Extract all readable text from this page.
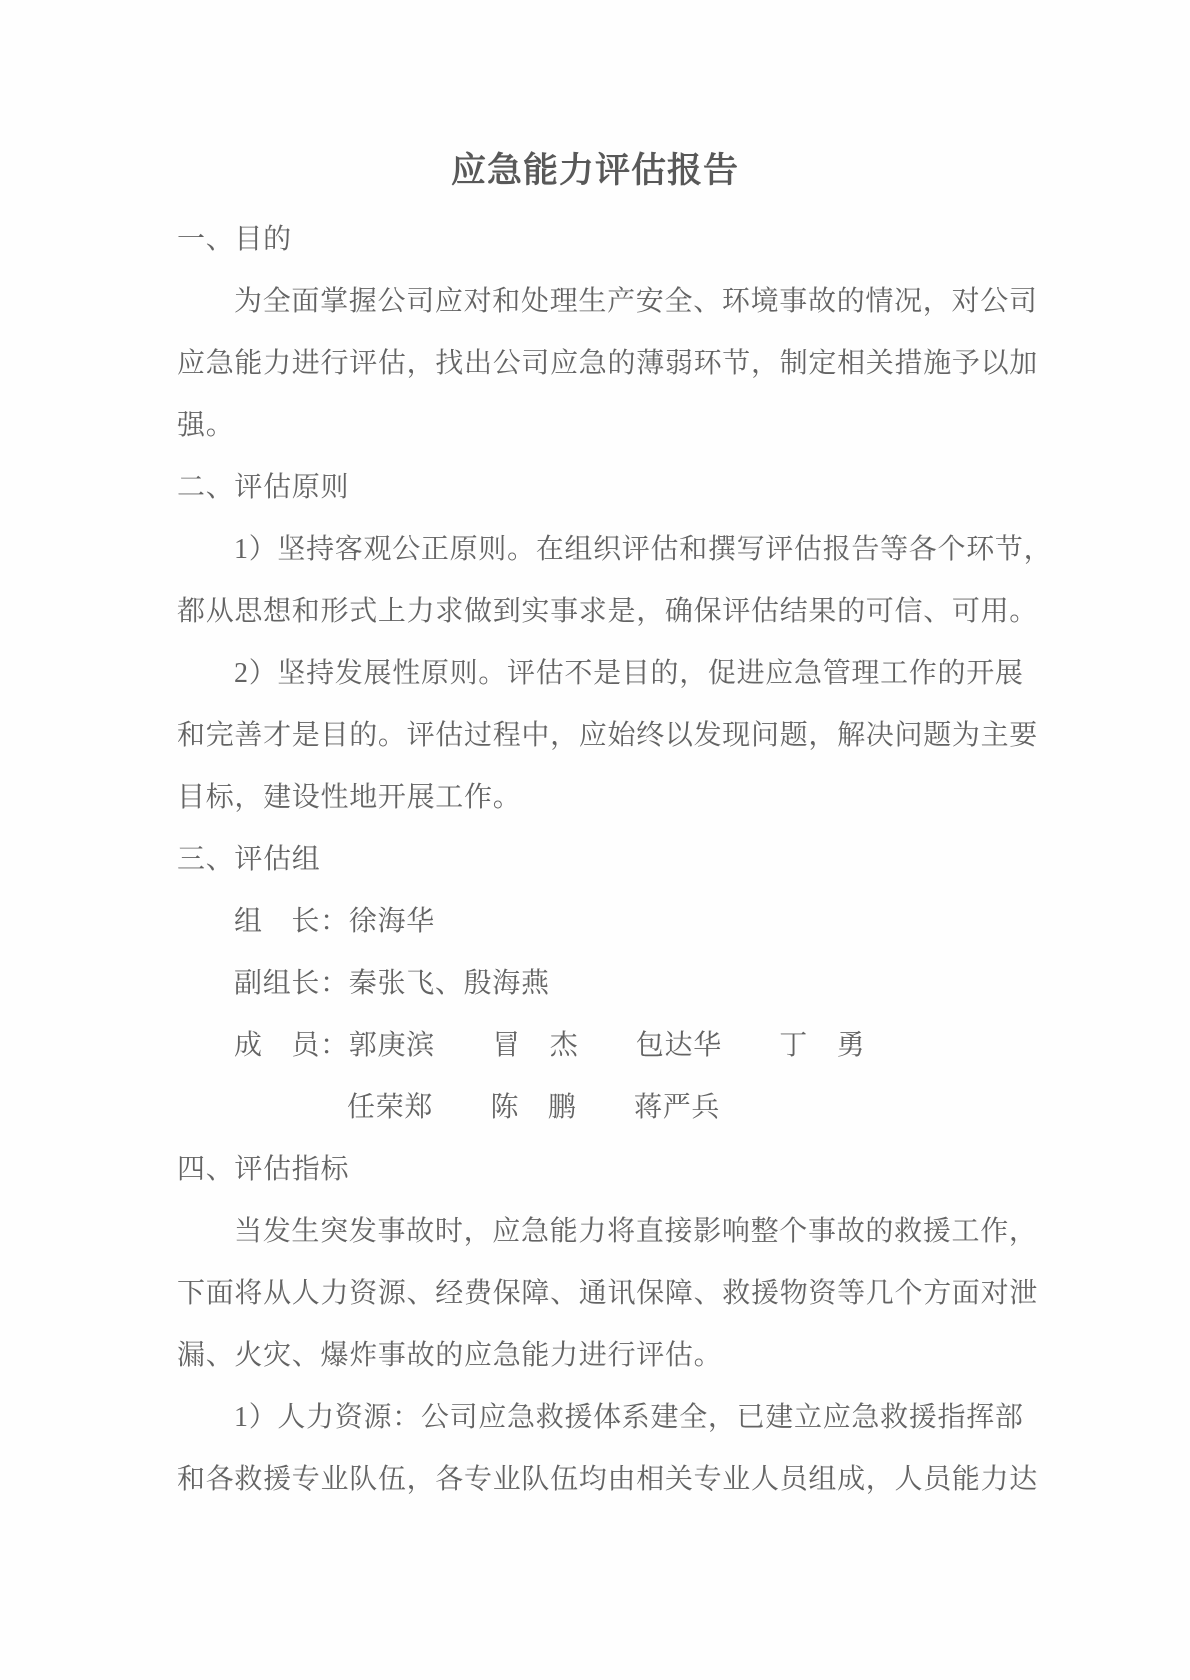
应急能力评估报告
一、目的
为全面掌握公司应对和处理生产安全、环境事故的情况，对公司
应急能力进行评估，找出公司应急的薄弱环节，制定相关措施予以加
强。
二、评估原则
1）坚持客观公正原则。在组织评估和撰写评估报告等各个环节，
都从思想和形式上力求做到实事求是，确保评估结果的可信、可用。
2）坚持发展性原则。评估不是目的，促进应急管理工作的开展
和完善才是目的。评估过程中，应始终以发现问题，解决问题为主要
目标，建设性地开展工作。
三、评估组
组　长：徐海华
副组长：秦张飞、殷海燕
成　员：郭庚滨　　冒　杰　　包达华　　丁　勇
任荣郑　　陈　鹏　　蒋严兵
四、评估指标
当发生突发事故时，应急能力将直接影响整个事故的救援工作，
下面将从人力资源、经费保障、通讯保障、救援物资等几个方面对泄
漏、火灾、爆炸事故的应急能力进行评估。
1）人力资源：公司应急救援体系建全，已建立应急救援指挥部
和各救援专业队伍，各专业队伍均由相关专业人员组成，人员能力达
